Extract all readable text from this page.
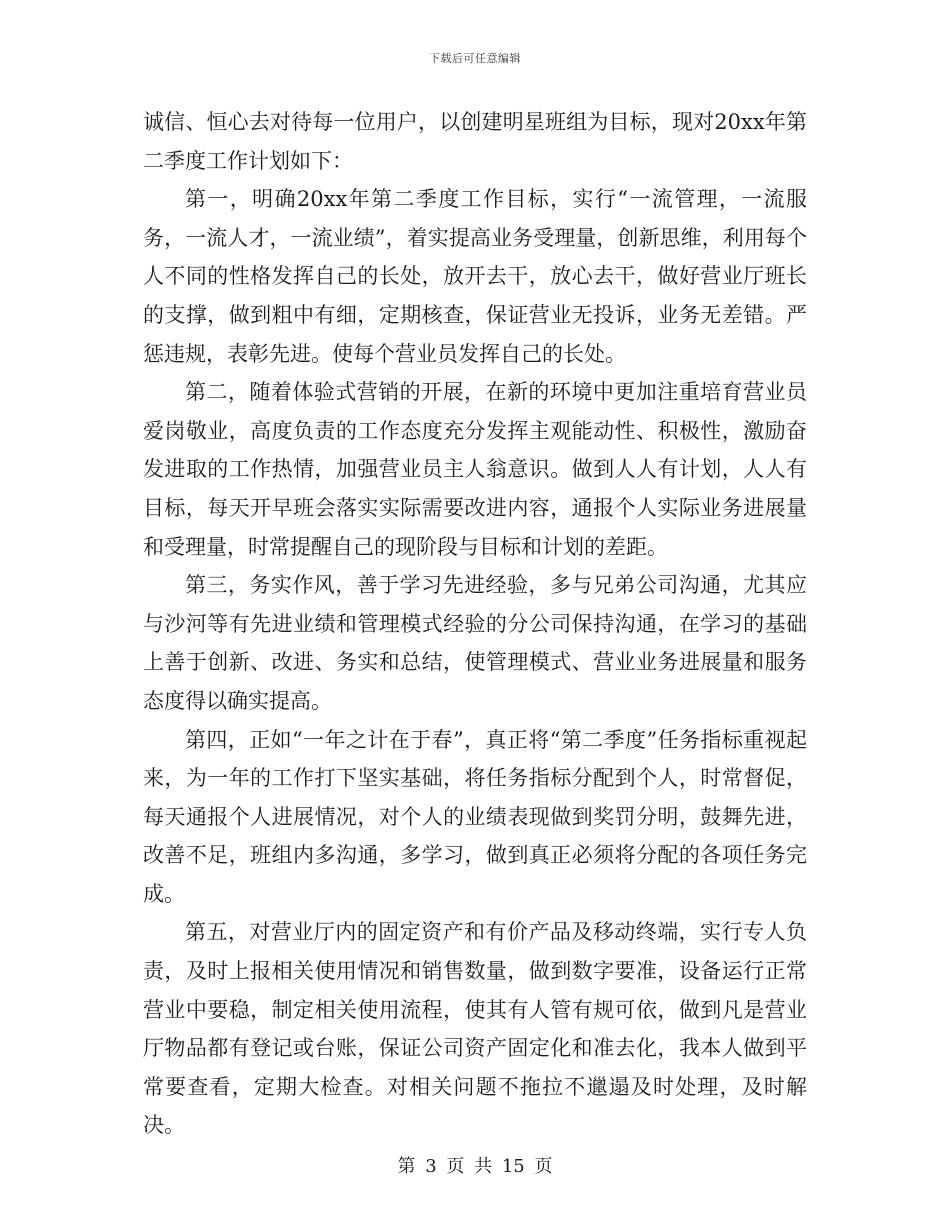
下载后可任意编辑

诚信、恒心去对待每一位用户，以创建明星班组为目标，现对20xx年第二季度工作计划如下：

第一，明确20xx年第二季度工作目标，实行“一流管理，一流服务，一流人才，一流业绩”，着实提高业务受理量，创新思维，利用每个人不同的性格发挥自己的长处，放开去干，放心去干，做好营业厅班长的支撑，做到粗中有细，定期核查，保证营业无投诉，业务无差错。严惩违规，表彰先进。使每个营业员发挥自己的长处。

第二，随着体验式营销的开展，在新的环境中更加注重培育营业员爱岗敬业，高度负责的工作态度充分发挥主观能动性、积极性，激励奋发进取的工作热情，加强营业员主人翁意识。做到人人有计划，人人有目标，每天开早班会落实实际需要改进内容，通报个人实际业务进展量和受理量，时常提醒自己的现阶段与目标和计划的差距。

第三，务实作风，善于学习先进经验，多与兄弟公司沟通，尤其应与沙河等有先进业绩和管理模式经验的分公司保持沟通，在学习的基础上善于创新、改进、务实和总结，使管理模式、营业业务进展量和服务态度得以确实提高。

第四，正如“一年之计在于春”，真正将“第二季度”任务指标重视起来，为一年的工作打下坚实基础，将任务指标分配到个人，时常督促，每天通报个人进展情况，对个人的业绩表现做到奖罚分明，鼓舞先进，改善不足，班组内多沟通，多学习，做到真正必须将分配的各项任务完成。

第五，对营业厅内的固定资产和有价产品及移动终端，实行专人负责，及时上报相关使用情况和销售数量，做到数字要准，设备运行正常营业中要稳，制定相关使用流程，使其有人管有规可依，做到凡是营业厅物品都有登记或台账，保证公司资产固定化和准去化，我本人做到平常要查看，定期大检查。对相关问题不拖拉不邋遢及时处理，及时解决。

第 3 页 共 15 页
